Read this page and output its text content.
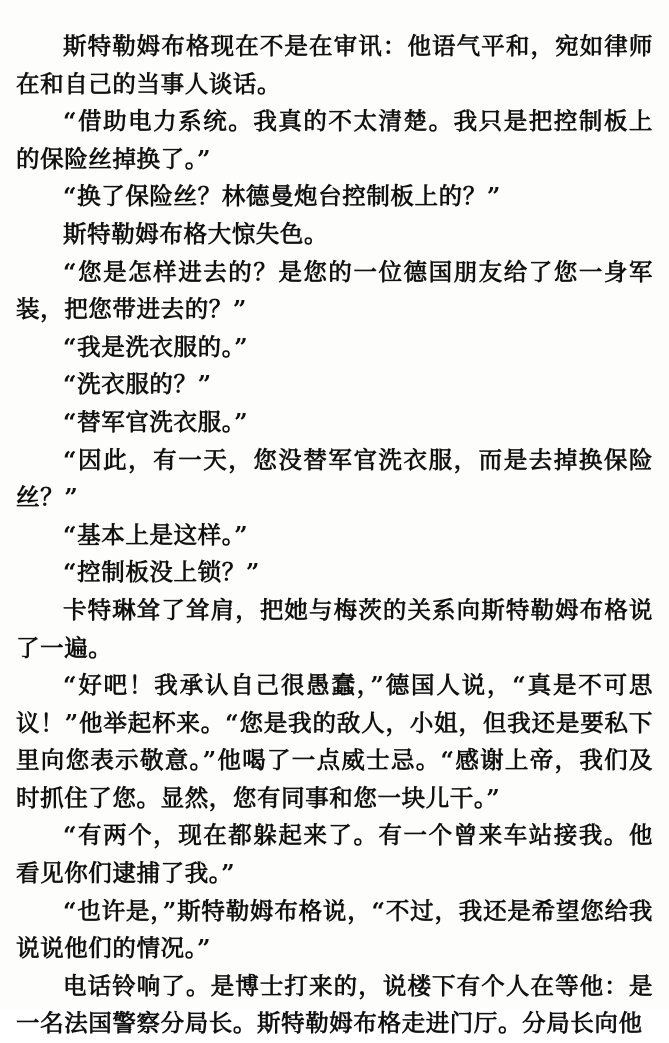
斯特勒姆布格现在不是在审讯：他语气平和，宛如律师在和自己的当事人谈话。

“借助电力系统。我真的不太清楚。我只是把控制板上的保险丝掉换了。”

“换了保险丝？林德曼炮台控制板上的？”

斯特勒姆布格大惊失色。

“您是怎样进去的？是您的一位德国朋友给了您一身军装，把您带进去的？”

“我是洗衣服的。”

“洗衣服的？”

“替军官洗衣服。”

“因此，有一天，您没替军官洗衣服，而是去掉换保险丝？”

“基本上是这样。”

“控制板没上锁？”

卡特琳耸了耸肩，把她与梅茨的关系向斯特勒姆布格说了一遍。

“好吧！我承认自己很愚蠢，”德国人说，“真是不可思议！”他举起杯来。“您是我的敌人，小姐，但我还是要私下里向您表示敬意。”他喝了一点威士忌。“感谢上帝，我们及时抓住了您。显然，您有同事和您一块儿干。”

“有两个，现在都躲起来了。有一个曾来车站接我。他看见你们逮捕了我。”

“也许是，”斯特勒姆布格说，“不过，我还是希望您给我说说他们的情况。”

电话铃响了。是博士打来的，说楼下有个人在等他：是一名法国警察分局长。斯特勒姆布格走进门厅。分局长向他
